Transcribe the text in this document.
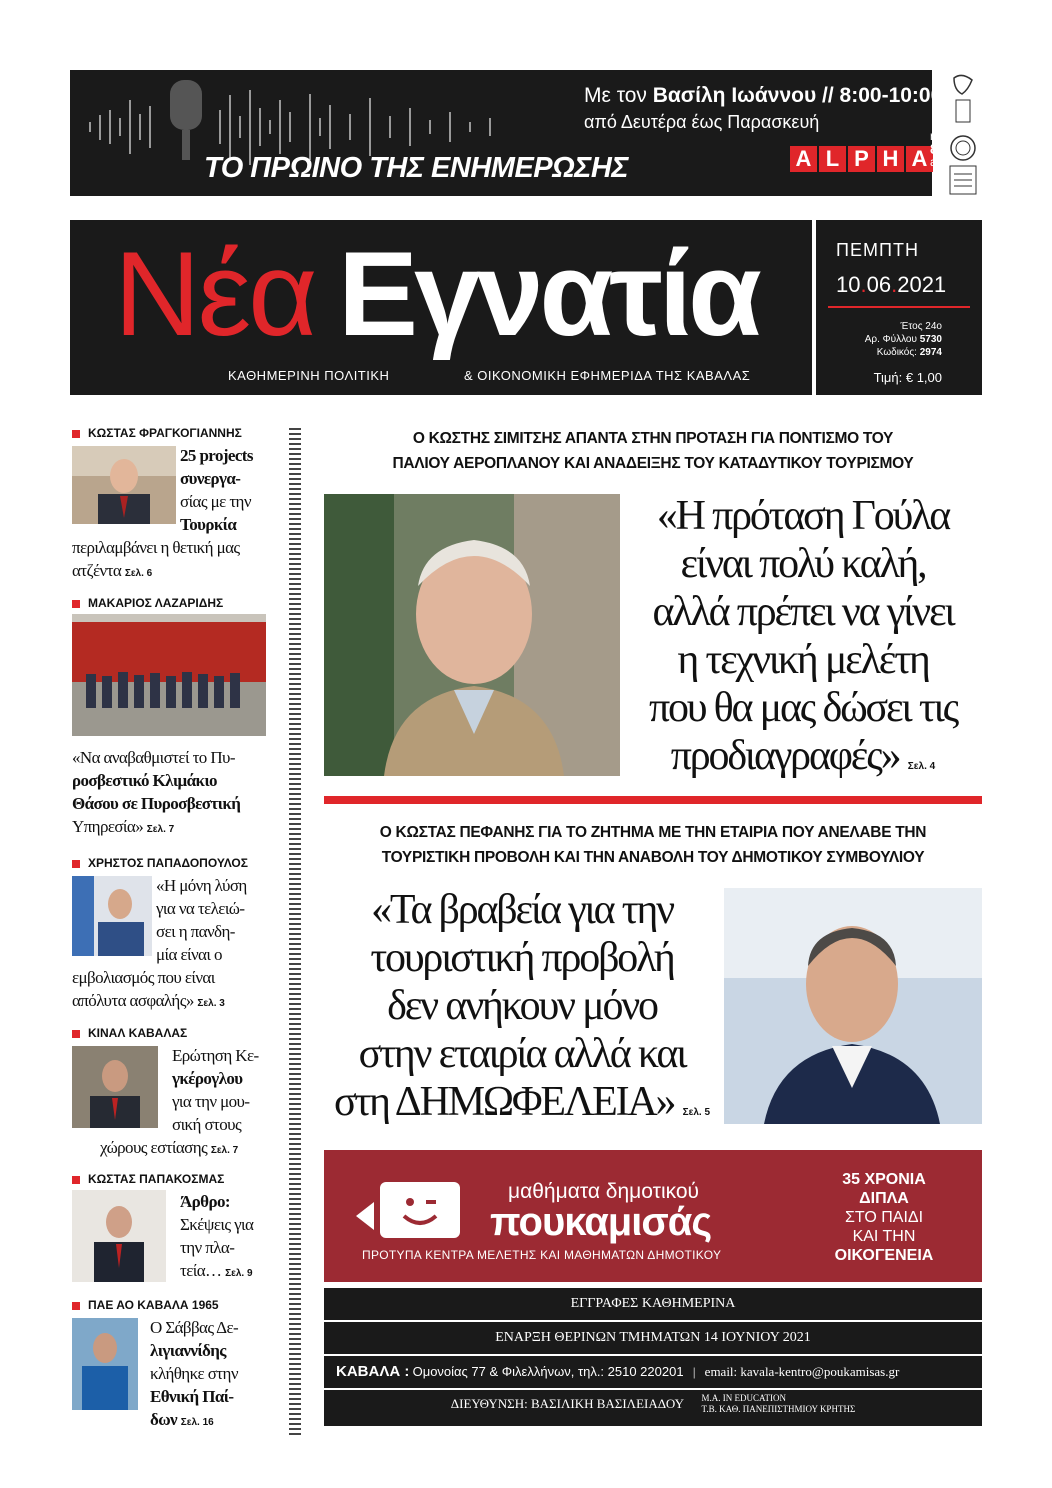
Με τον Βασίλη Ιωάννου // 8:00-10:00
από Δευτέρα έως Παρασκευή
ΤΟ ΠΡΩΙΝΟ ΤΗΣ ΕΝΗΜΕΡΩΣΗΣ	A L P H A
radio
88,6 fm
alpharadio.gr
Νέα Εγνατία
ΚΑΘΗΜΕΡΙΝΗ ΠΟΛΙΤΙΚΗ	& ΟΙΚΟΝΟΜΙΚΗ ΕΦΗΜΕΡΙΔΑ ΤΗΣ ΚΑΒΑΛΑΣ
ΠΕΜΠΤΗ
10.06.2021
Έτος 24ο
Αρ. Φύλλου 5730
Κωδικός: 2974
Τιμή: € 1,00
ΚΩΣΤΑΣ ΦΡΑΓΚΟΓΙΑΝΝΗΣ
25 projects
συνεργα-
σίας με την
Τουρκία
περιλαμβάνει η θετική μας
ατζέντα Σελ. 6
ΜΑΚΑΡΙΟΣ ΛΑΖΑΡΙΔΗΣ
«Να αναβαθμιστεί το Πυ-
ροσβεστικό Κλιμάκιο
Θάσου σε Πυροσβεστική
Υπηρεσία» Σελ. 7
ΧΡΗΣΤΟΣ ΠΑΠΑΔΟΠΟΥΛΟΣ
«Η μόνη λύση
για να τελειώ-
σει η πανδη-
μία είναι ο
εμβολιασμός που είναι
απόλυτα ασφαλής» Σελ. 3
ΚΙΝΑΛ ΚΑΒΑΛΑΣ
Ερώτηση Κε-
γκέρογλου
για την μου-
σική στους
χώρους εστίασης Σελ. 7
ΚΩΣΤΑΣ ΠΑΠΑΚΟΣΜΑΣ
Άρθρο:
Σκέψεις για
την πλα-
τεία… Σελ. 9
ΠΑΕ ΑΟ ΚΑΒΑΛΑ 1965
Ο Σάββας Δε-
λιγιαννίδης
κλήθηκε στην
Εθνική Παί-
δων Σελ. 16
Ο ΚΩΣΤΗΣ ΣΙΜΙΤΣΗΣ ΑΠΑΝΤΑ ΣΤΗΝ ΠΡΟΤΑΣΗ ΓΙΑ ΠΟΝΤΙΣΜΟ ΤΟΥ
ΠΑΛΙΟΥ ΑΕΡΟΠΛΑΝΟΥ ΚΑΙ ΑΝΑΔΕΙΞΗΣ ΤΟΥ ΚΑΤΑΔΥΤΙΚΟΥ ΤΟΥΡΙΣΜΟΥ
«Η πρόταση Γούλα
είναι πολύ καλή,
αλλά πρέπει να γίνει
η τεχνική μελέτη
που θα μας δώσει τις
προδιαγραφές» Σελ. 4
Ο ΚΩΣΤΑΣ ΠΕΦΑΝΗΣ ΓΙΑ ΤΟ ΖΗΤΗΜΑ ΜΕ ΤΗΝ ΕΤΑΙΡΙΑ ΠΟΥ ΑΝΕΛΑΒΕ ΤΗΝ
ΤΟΥΡΙΣΤΙΚΗ ΠΡΟΒΟΛΗ ΚΑΙ ΤΗΝ ΑΝΑΒΟΛΗ ΤΟΥ ΔΗΜΟΤΙΚΟΥ ΣΥΜΒΟΥΛΙΟΥ
«Τα βραβεία για την
τουριστική προβολή
δεν ανήκουν μόνο
στην εταιρία αλλά και
στη ΔΗΜΩΦΕΛΕΙΑ» Σελ. 5
μαθήματα δημοτικού
πουκαμισάς
ΠΡΟΤΥΠΑ ΚΕΝΤΡΑ ΜΕΛΕΤΗΣ ΚΑΙ ΜΑΘΗΜΑΤΩΝ ΔΗΜΟΤΙΚΟΥ
35 ΧΡΟΝΙΑ
ΔΙΠΛΑ
ΣΤΟ ΠΑΙΔΙ
ΚΑΙ ΤΗΝ
ΟΙΚΟΓΕΝΕΙΑ
ΕΓΓΡΑΦΕΣ ΚΑΘΗΜΕΡΙΝΑ
ΕΝΑΡΞΗ ΘΕΡΙΝΩΝ ΤΜΗΜΑΤΩΝ 14 ΙΟΥΝΙΟΥ 2021
ΚΑΒΑΛΑ : Ομονοίας 77 & Φιλελλήνων, τηλ.: 2510 220201 | email: kavala-kentro@poukamisas.gr
ΔΙΕΥΘΥΝΣΗ: ΒΑΣΙΛΙΚΗ ΒΑΣΙΛΕΙΑΔΟΥ M.A. IN EDUCATION
Τ.Β. ΚΑΘ. ΠΑΝΕΠΙΣΤΗΜΙΟΥ ΚΡΗΤΗΣ
